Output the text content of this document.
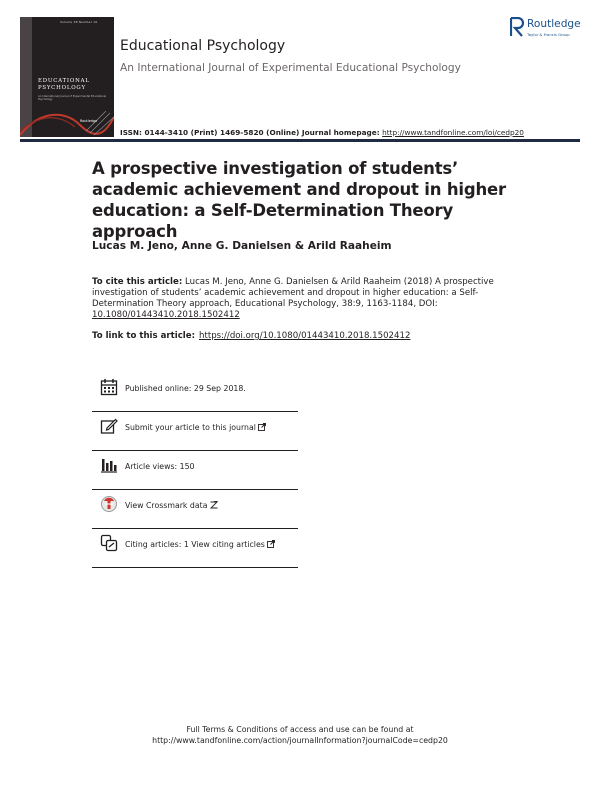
Volume 38 Number 10
EDUCATIONAL
PSYCHOLOGY
An International Journal of Experimental Educational Psychology
Routledge
Educational Psychology
An International Journal of Experimental Educational Psychology
ISSN: 0144-3410 (Print) 1469-5820 (Online) Journal homepage: http://www.tandfonline.com/loi/cedp20
Routledge
Taylor & Francis Group
A prospective investigation of students’ academic achievement and dropout in higher education: a Self-Determination Theory approach
Lucas M. Jeno, Anne G. Danielsen & Arild Raaheim
To cite this article: Lucas M. Jeno, Anne G. Danielsen & Arild Raaheim (2018) A prospective investigation of students’ academic achievement and dropout in higher education: a Self-Determination Theory approach, Educational Psychology, 38:9, 1163-1184, DOI: 10.1080/01443410.2018.1502412
To link to this article: https://doi.org/10.1080/01443410.2018.1502412
Published online: 29 Sep 2018.
Submit your article to this journal
Article views: 150
View Crossmark data
Citing articles: 1 View citing articles
Full Terms & Conditions of access and use can be found at
http://www.tandfonline.com/action/journalInformation?journalCode=cedp20
